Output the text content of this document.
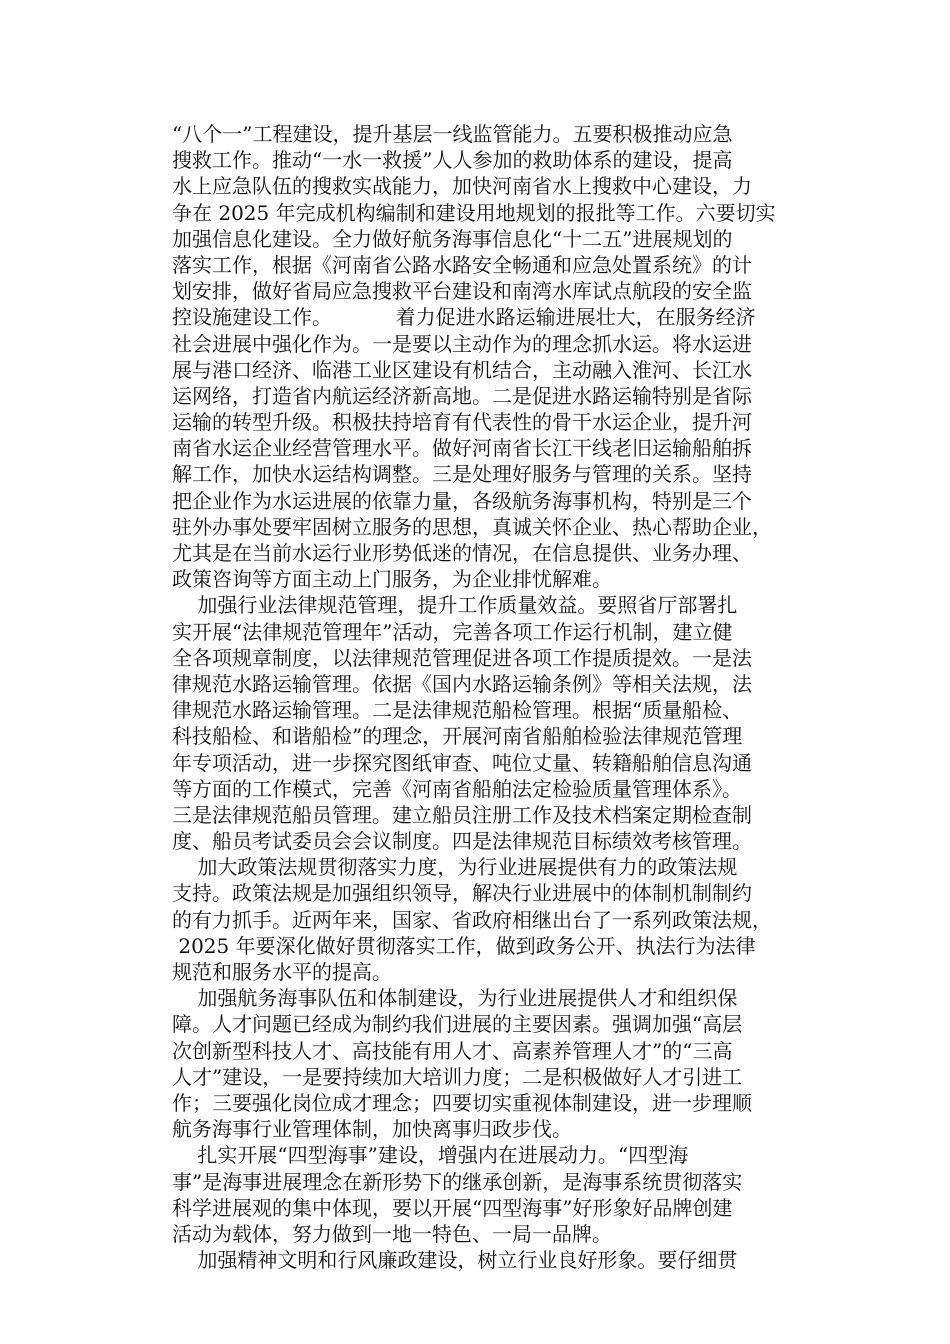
“八个一”工程建设，提升基层一线监管能力。五要积极推动应急
搜救工作。推动“一水一救援”人人参加的救助体系的建设，提高
水上应急队伍的搜救实战能力，加快河南省水上搜救中心建设，力
争在 2025 年完成机构编制和建设用地规划的报批等工作。六要切实
加强信息化建设。全力做好航务海事信息化“十二五”进展规划的
落实工作，根据《河南省公路水路安全畅通和应急处置系统》的计
划安排，做好省局应急搜救平台建设和南湾水库试点航段的安全监
控设施建设工作。          着力促进水路运输进展壮大，在服务经济
社会进展中强化作为。一是要以主动作为的理念抓水运。将水运进
展与港口经济、临港工业区建设有机结合，主动融入淮河、长江水
运网络，打造省内航运经济新高地。二是促进水路运输特别是省际
运输的转型升级。积极扶持培育有代表性的骨干水运企业，提升河
南省水运企业经营管理水平。做好河南省长江干线老旧运输船舶拆
解工作，加快水运结构调整。三是处理好服务与管理的关系。坚持
把企业作为水运进展的依靠力量，各级航务海事机构，特别是三个
驻外办事处要牢固树立服务的思想，真诚关怀企业、热心帮助企业，
尤其是在当前水运行业形势低迷的情况，在信息提供、业务办理、
政策咨询等方面主动上门服务，为企业排忧解难。
加强行业法律规范管理，提升工作质量效益。要照省厅部署扎
实开展“法律规范管理年”活动，完善各项工作运行机制，建立健
全各项规章制度，以法律规范管理促进各项工作提质提效。一是法
律规范水路运输管理。依据《国内水路运输条例》等相关法规，法
律规范水路运输管理。二是法律规范船检管理。根据“质量船检、
科技船检、和谐船检”的理念，开展河南省船舶检验法律规范管理
年专项活动，进一步探究图纸审查、吨位丈量、转籍船舶信息沟通
等方面的工作模式，完善《河南省船舶法定检验质量管理体系》。
三是法律规范船员管理。建立船员注册工作及技术档案定期检查制
度、船员考试委员会会议制度。四是法律规范目标绩效考核管理。
加大政策法规贯彻落实力度，为行业进展提供有力的政策法规
支持。政策法规是加强组织领导，解决行业进展中的体制机制制约
的有力抓手。近两年来，国家、省政府相继出台了一系列政策法规，
2025 年要深化做好贯彻落实工作，做到政务公开、执法行为法律
规范和服务水平的提高。
加强航务海事队伍和体制建设，为行业进展提供人才和组织保
障。人才问题已经成为制约我们进展的主要因素。强调加强“高层
次创新型科技人才、高技能有用人才、高素养管理人才”的“三高
人才”建设，一是要持续加大培训力度；二是积极做好人才引进工
作；三要强化岗位成才理念；四要切实重视体制建设，进一步理顺
航务海事行业管理体制，加快离事归政步伐。
扎实开展“四型海事”建设，增强内在进展动力。“四型海
事”是海事进展理念在新形势下的继承创新，是海事系统贯彻落实
科学进展观的集中体现，要以开展“四型海事”好形象好品牌创建
活动为载体，努力做到一地一特色、一局一品牌。
加强精神文明和行风廉政建设，树立行业良好形象。要仔细贯
